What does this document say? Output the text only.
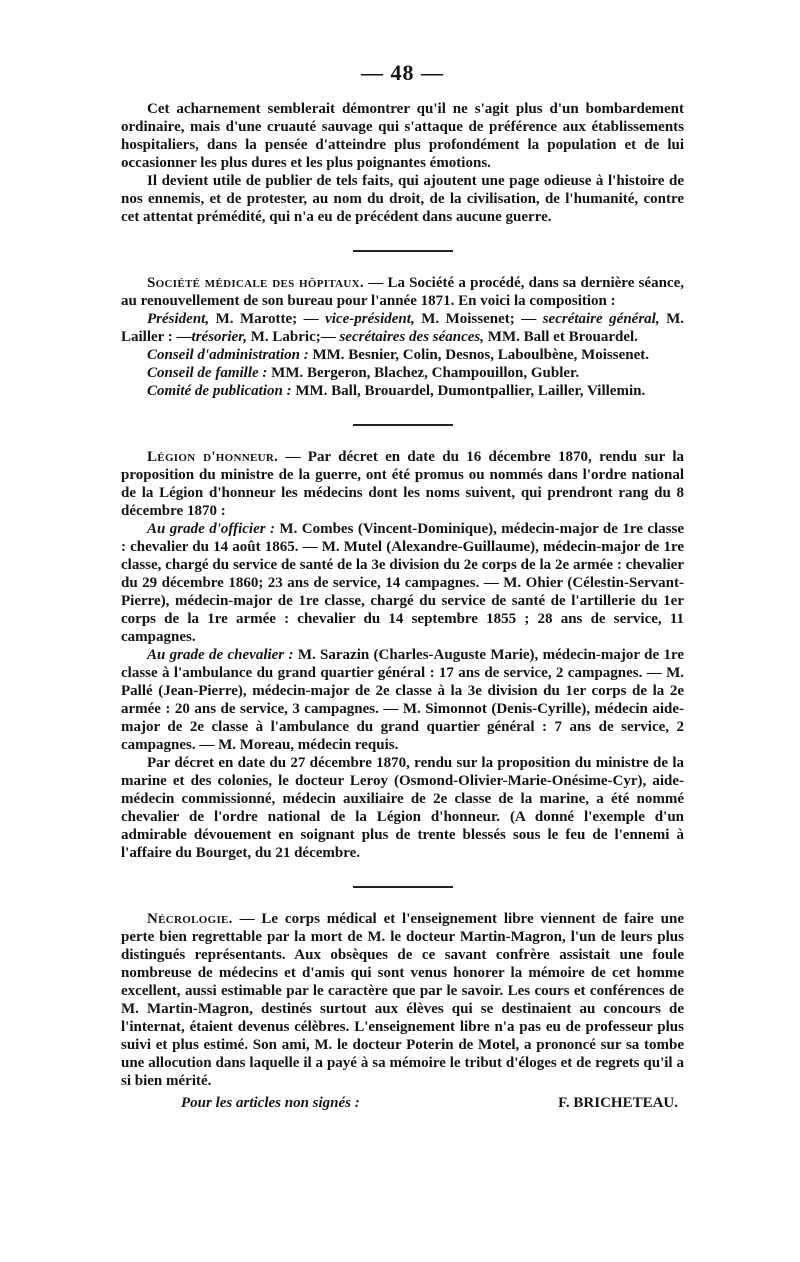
— 48 —

Cet acharnement semblerait démontrer qu'il ne s'agit plus d'un bombardement ordinaire, mais d'une cruauté sauvage qui s'attaque de préférence aux établissements hospitaliers, dans la pensée d'atteindre plus profondément la population et de lui occasionner les plus dures et les plus poignantes émotions.

Il devient utile de publier de tels faits, qui ajoutent une page odieuse à l'histoire de nos ennemis, et de protester, au nom du droit, de la civilisation, de l'humanité, contre cet attentat prémédité, qui n'a eu de précédent dans aucune guerre.

Société médicale des hôpitaux. — La Société a procédé, dans sa dernière séance, au renouvellement de son bureau pour l'année 1871. En voici la composition :

Président, M. Marotte; — vice-président, M. Moissenet; — secrétaire général, M. Lailler : —trésorier, M. Labric;— secrétaires des séances, MM. Ball et Brouardel.

Conseil d'administration : MM. Besnier, Colin, Desnos, Laboulbène, Moissenet.

Conseil de famille : MM. Bergeron, Blachez, Champouillon, Gubler.

Comité de publication : MM. Ball, Brouardel, Dumontpallier, Lailler, Villemin.

Légion d'honneur. — Par décret en date du 16 décembre 1870, rendu sur la proposition du ministre de la guerre, ont été promus ou nommés dans l'ordre national de la Légion d'honneur les médecins dont les noms suivent, qui prendront rang du 8 décembre 1870 :

Au grade d'officier : M. Combes (Vincent-Dominique), médecin-major de 1re classe : chevalier du 14 août 1865. — M. Mutel (Alexandre-Guillaume), médecin-major de 1re classe, chargé du service de santé de la 3e division du 2e corps de la 2e armée : chevalier du 29 décembre 1860; 23 ans de service, 14 campagnes. — M. Ohier (Célestin-Servant-Pierre), médecin-major de 1re classe, chargé du service de santé de l'artillerie du 1er corps de la 1re armée : chevalier du 14 septembre 1855 ; 28 ans de service, 11 campagnes.

Au grade de chevalier : M. Sarazin (Charles-Auguste Marie), médecin-major de 1re classe à l'ambulance du grand quartier général : 17 ans de service, 2 campagnes. — M. Pallé (Jean-Pierre), médecin-major de 2e classe à la 3e division du 1er corps de la 2e armée : 20 ans de service, 3 campagnes. — M. Simonnot (Denis-Cyrille), médecin aide-major de 2e classe à l'ambulance du grand quartier général : 7 ans de service, 2 campagnes. — M. Moreau, médecin requis.

Par décret en date du 27 décembre 1870, rendu sur la proposition du ministre de la marine et des colonies, le docteur Leroy (Osmond-Olivier-Marie-Onésime-Cyr), aide-médecin commissionné, médecin auxiliaire de 2e classe de la marine, a été nommé chevalier de l'ordre national de la Légion d'honneur. (A donné l'exemple d'un admirable dévouement en soignant plus de trente blessés sous le feu de l'ennemi à l'affaire du Bourget, du 21 décembre.

Nécrologie. — Le corps médical et l'enseignement libre viennent de faire une perte bien regrettable par la mort de M. le docteur Martin-Magron, l'un de leurs plus distingués représentants. Aux obsèques de ce savant confrère assistait une foule nombreuse de médecins et d'amis qui sont venus honorer la mémoire de cet homme excellent, aussi estimable par le caractère que par le savoir. Les cours et conférences de M. Martin-Magron, destinés surtout aux élèves qui se destinaient au concours de l'internat, étaient devenus célèbres. L'enseignement libre n'a pas eu de professeur plus suivi et plus estimé. Son ami, M. le docteur Poterin de Motel, a prononcé sur sa tombe une allocution dans laquelle il a payé à sa mémoire le tribut d'éloges et de regrets qu'il a si bien mérité.

Pour les articles non signés :	F. BRICHETEAU.
